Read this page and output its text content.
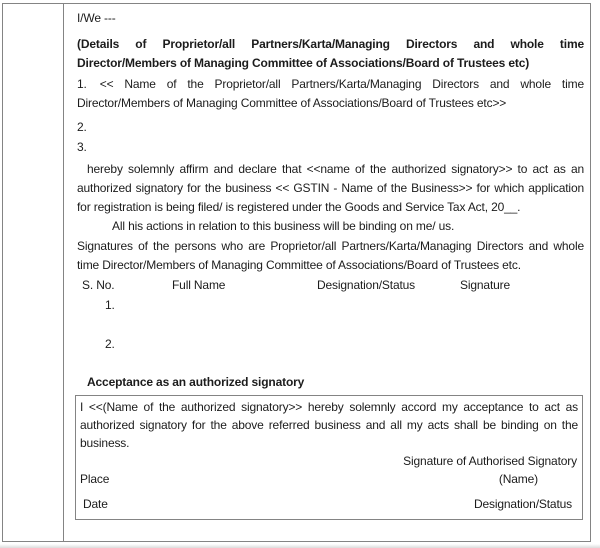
I/We ---

(Details of Proprietor/all Partners/Karta/Managing Directors and whole time Director/Members of Managing Committee of Associations/Board of Trustees etc)

1. << Name of the Proprietor/all Partners/Karta/Managing Directors and whole time Director/Members of Managing Committee of Associations/Board of Trustees etc>>

2.

3.

hereby solemnly affirm and declare that <<name of the authorized signatory>> to act as an authorized signatory for the business << GSTIN - Name of the Business>> for which application for registration is being filed/ is registered under the Goods and Service Tax Act, 20__.

All his actions in relation to this business will be binding on me/ us.

Signatures of the persons who are Proprietor/all Partners/Karta/Managing Directors and whole time Director/Members of Managing Committee of Associations/Board of Trustees etc.

S. No.	Full Name	Designation/Status	Signature

1.

2.

Acceptance as an authorized signatory

I <<(Name of the authorized signatory>> hereby solemnly accord my acceptance to act as authorized signatory for the above referred business and all my acts shall be binding on the business.

Signature of Authorised Signatory
Place	(Name)
Date	Designation/Status
